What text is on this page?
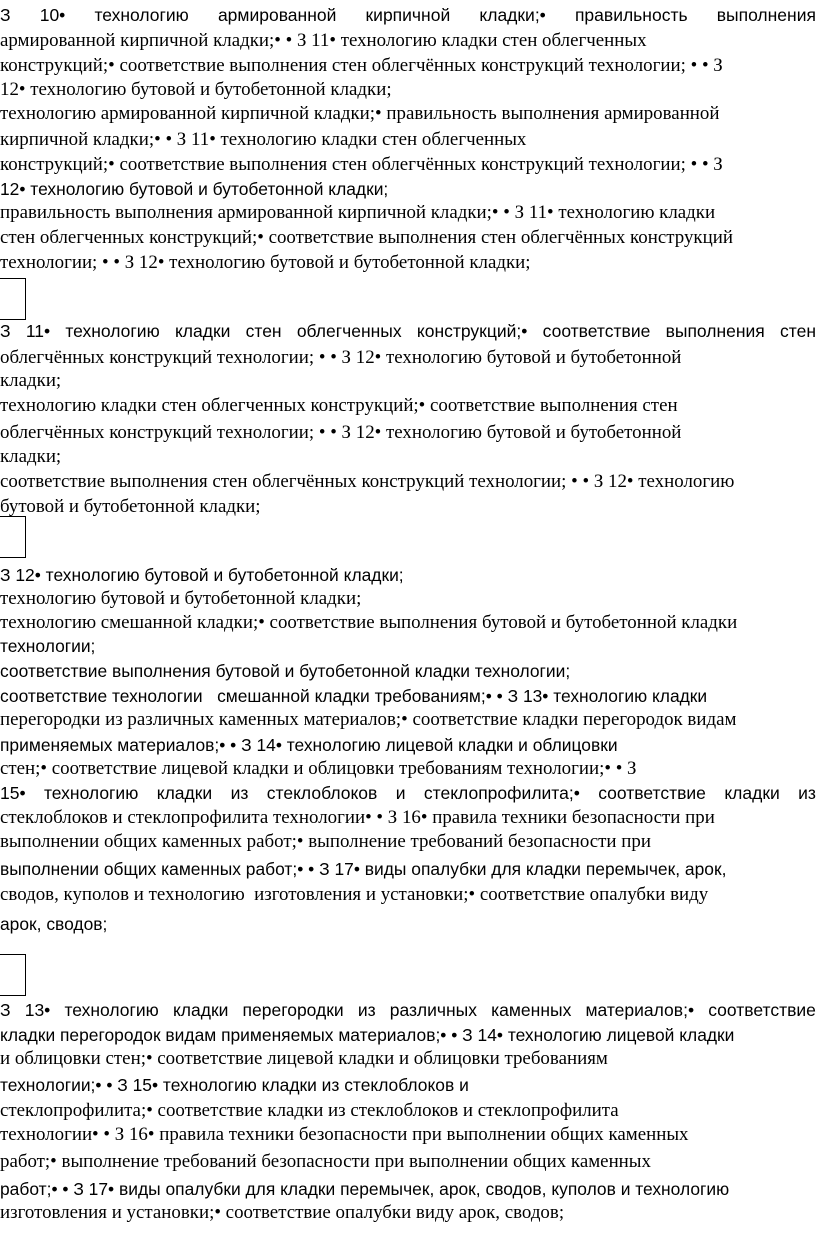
З 10• технологию армированной кирпичной кладки;• правильность выполнения
армированной кирпичной кладки;• • З 11• технологию кладки стен облегченных
конструкций;• соответствие выполнения стен облегчённых конструкций технологии; • • З
12• технологию бутовой и бутобетонной кладки;
технологию армированной кирпичной кладки;• правильность выполнения армированной
кирпичной кладки;• • З 11• технологию кладки стен облегченных
конструкций;• соответствие выполнения стен облегчённых конструкций технологии; • • З
12• технологию бутовой и бутобетонной кладки;
правильность выполнения армированной кирпичной кладки;• • З 11• технологию кладки
стен облегченных конструкций;• соответствие выполнения стен облегчённых конструкций
технологии; • • З 12• технологию бутовой и бутобетонной кладки;
З 11• технологию кладки стен облегченных конструкций;• соответствие выполнения стен
облегчённых конструкций технологии; • • З 12• технологию бутовой и бутобетонной
кладки;
технологию кладки стен облегченных конструкций;• соответствие выполнения стен
облегчённых конструкций технологии; • • З 12• технологию бутовой и бутобетонной
кладки;
соответствие выполнения стен облегчённых конструкций технологии; • • З 12• технологию
бутовой и бутобетонной кладки;
З 12• технологию бутовой и бутобетонной кладки;
технологию бутовой и бутобетонной кладки;
технологию смешанной кладки;• соответствие выполнения бутовой и бутобетонной кладки
технологии;
соответствие выполнения бутовой и бутобетонной кладки технологии;
соответствие технологии   смешанной кладки требованиям;• • З 13• технологию кладки
перегородки из различных каменных материалов;• соответствие кладки перегородок видам
применяемых материалов;• • З 14• технологию лицевой кладки и облицовки
стен;• соответствие лицевой кладки и облицовки требованиям технологии;• • З
15• технологию кладки из стеклоблоков и стеклопрофилита;• соответствие кладки из
стеклоблоков и стеклопрофилита технологии• • З 16• правила техники безопасности при
выполнении общих каменных работ;• выполнение требований безопасности при
выполнении общих каменных работ;• • З 17• виды опалубки для кладки перемычек, арок,
сводов, куполов и технологию  изготовления и установки;• соответствие опалубки виду
арок, сводов;
З 13• технологию кладки перегородки из различных каменных материалов;• соответствие
кладки перегородок видам применяемых материалов;• • З 14• технологию лицевой кладки
и облицовки стен;• соответствие лицевой кладки и облицовки требованиям
технологии;• • З 15• технологию кладки из стеклоблоков и
стеклопрофилита;• соответствие кладки из стеклоблоков и стеклопрофилита
технологии• • З 16• правила техники безопасности при выполнении общих каменных
работ;• выполнение требований безопасности при выполнении общих каменных
работ;• • З 17• виды опалубки для кладки перемычек, арок, сводов, куполов и технологию
изготовления и установки;• соответствие опалубки виду арок, сводов;
